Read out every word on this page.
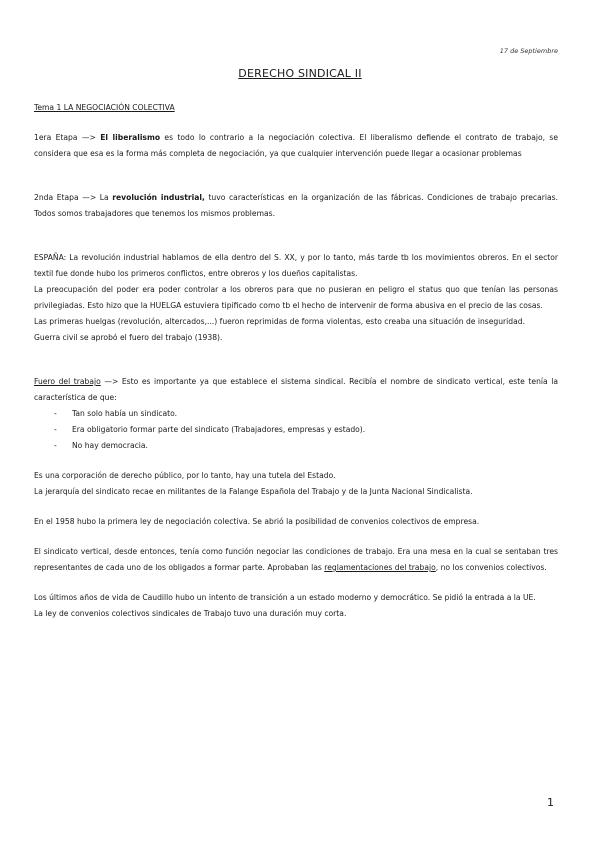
17 de Septiembre
DERECHO SINDICAL II
Tema 1 LA NEGOCIACIÓN COLECTIVA

1era Etapa —> El liberalismo es todo lo contrario a la negociación colectiva. El liberalismo defiende el contrato de trabajo, se considera que esa es la forma más completa de negociación, ya que cualquier intervención puede llegar a ocasionar problemas

2nda Etapa —> La revolución industrial, tuvo características en la organización de las fábricas. Condiciones de trabajo precarias. Todos somos trabajadores que tenemos los mismos problemas.

ESPAÑA: La revolución industrial hablamos de ella dentro del S. XX, y por lo tanto, más tarde tb los movimientos obreros. En el sector textil fue donde hubo los primeros conflictos, entre obreros y los dueños capitalistas.

La preocupación del poder era poder controlar a los obreros para que no pusieran en peligro el status quo que tenían las personas privilegiadas. Esto hizo que la HUELGA estuviera tipificado como tb el hecho de intervenir de forma abusiva en el precio de las cosas.

Las primeras huelgas (revolución, altercados,...) fueron reprimidas de forma violentas, esto creaba una situación de inseguridad.

Guerra civil se aprobó el fuero del trabajo (1938).

Fuero del trabajo —> Esto es importante ya que establece el sistema sindical. Recibía el nombre de sindicato vertical, este tenía la característica de que:

- Tan solo había un sindicato.
- Era obligatorio formar parte del sindicato (Trabajadores, empresas y estado).
- No hay democracia.

Es una corporación de derecho público, por lo tanto, hay una tutela del Estado.

La jerarquía del sindicato recae en militantes de la Falange Española del Trabajo y de la Junta Nacional Sindicalista.

En el 1958 hubo la primera ley de negociación colectiva. Se abrió la posibilidad de convenios colectivos de empresa.

El sindicato vertical, desde entonces, tenía como función negociar las condiciones de trabajo. Era una mesa en la cual se sentaban tres representantes de cada uno de los obligados a formar parte. Aprobaban las reglamentaciones del trabajo, no los convenios colectivos.

Los últimos años de vida de Caudillo hubo un intento de transición a un estado moderno y democrático. Se pidió la entrada a la UE.

La ley de convenios colectivos sindicales de Trabajo tuvo una duración muy corta.

1
